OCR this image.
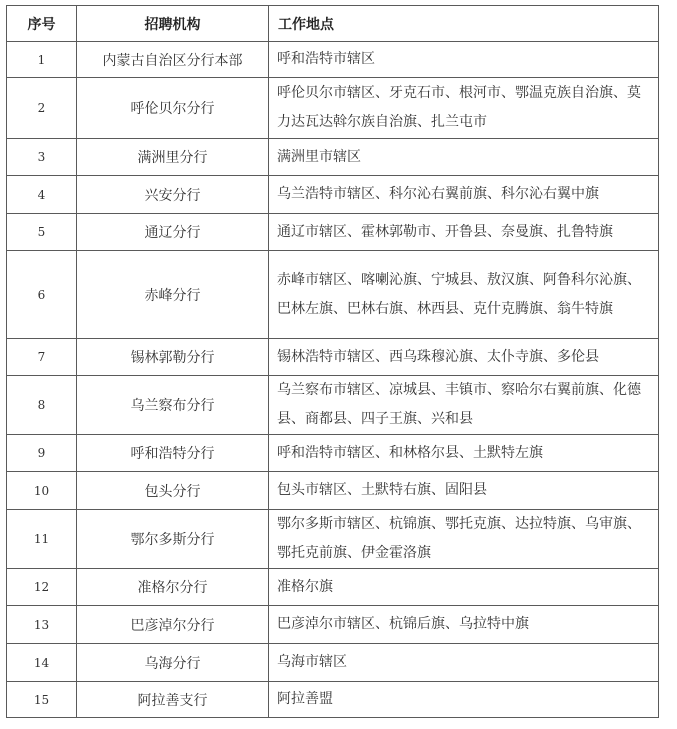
序号	招聘机构	工作地点
1	内蒙古自治区分行本部	呼和浩特市辖区
2	呼伦贝尔分行	呼伦贝尔市辖区、牙克石市、根河市、鄂温克族自治旗、莫力达瓦达斡尔族自治旗、扎兰屯市
3	满洲里分行	满洲里市辖区
4	兴安分行	乌兰浩特市辖区、科尔沁右翼前旗、科尔沁右翼中旗
5	通辽分行	通辽市辖区、霍林郭勒市、开鲁县、奈曼旗、扎鲁特旗
6	赤峰分行	赤峰市辖区、喀喇沁旗、宁城县、敖汉旗、阿鲁科尔沁旗、巴林左旗、巴林右旗、林西县、克什克腾旗、翁牛特旗
7	锡林郭勒分行	锡林浩特市辖区、西乌珠穆沁旗、太仆寺旗、多伦县
8	乌兰察布分行	乌兰察布市辖区、凉城县、丰镇市、察哈尔右翼前旗、化德县、商都县、四子王旗、兴和县
9	呼和浩特分行	呼和浩特市辖区、和林格尔县、土默特左旗
10	包头分行	包头市辖区、土默特右旗、固阳县
11	鄂尔多斯分行	鄂尔多斯市辖区、杭锦旗、鄂托克旗、达拉特旗、乌审旗、鄂托克前旗、伊金霍洛旗
12	准格尔分行	准格尔旗
13	巴彦淖尔分行	巴彦淖尔市辖区、杭锦后旗、乌拉特中旗
14	乌海分行	乌海市辖区
15	阿拉善支行	阿拉善盟
